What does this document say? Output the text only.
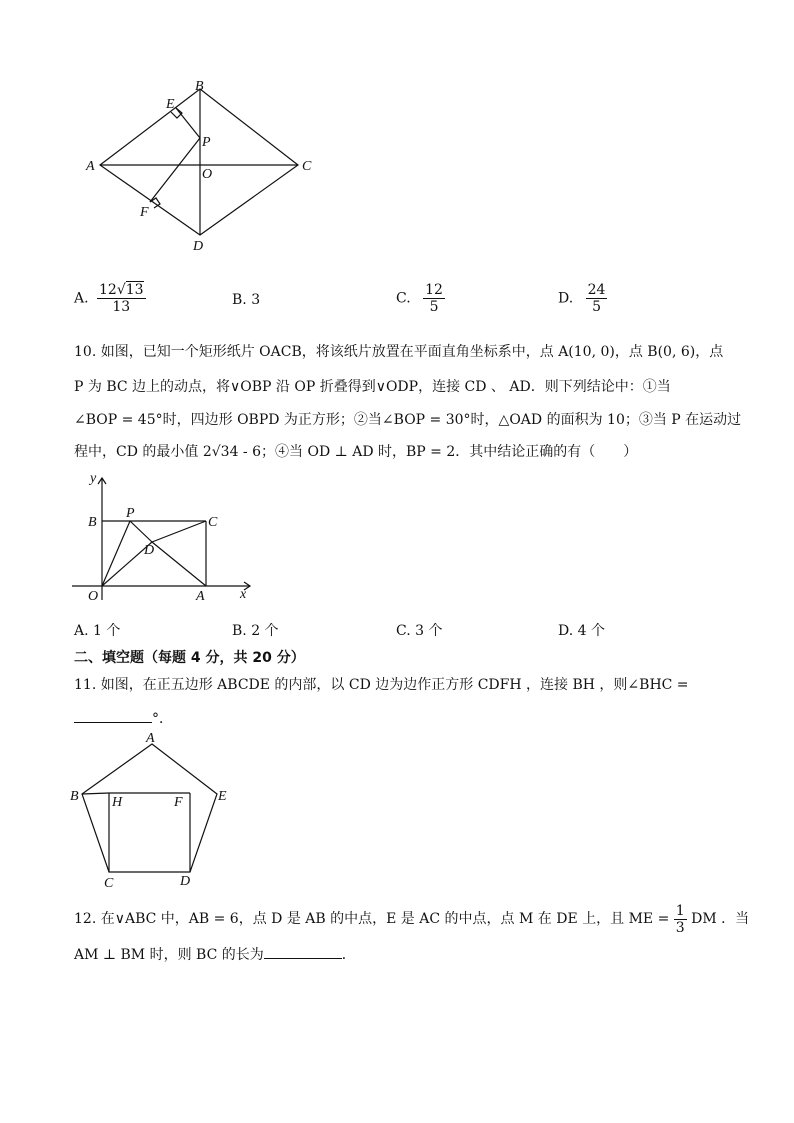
A
B
C
D
E
F
O
P
A. $\frac{12√13}{13}$	B. 3	C. $\frac{12}{5}$	D. $\frac{24}{5}$
10. 如图，已知一个矩形纸片 OACB，将该纸片放置在平面直角坐标系中，点 A(10, 0)，点 B(0, 6)，点
P 为 BC 边上的动点，将∨OBP 沿 OP 折叠得到∨ODP，连接 CD 、 AD．则下列结论中：①当
∠BOP = 45°时，四边形 OBPD 为正方形；②当∠BOP = 30°时，△OAD 的面积为 10；③当 P 在运动过
程中，CD 的最小值 2√34 - 6；④当 OD ⊥ AD 时，BP = 2．其中结论正确的有（　　）
y
x
B
P
C
D
O	A
A. 1 个	B. 2 个	C. 3 个	D. 4 个
二、填空题（每题 4 分，共 20 分）
11. 如图，在正五边形 ABCDE 的内部，以 CD 边为边作正方形 CDFH ，连接 BH ，则∠BHC =
°．
A
B
C	D
E
F
H
12. 在∨ABC 中，AB = 6，点 D 是 AB 的中点，E 是 AC 的中点，点 M 在 DE 上，且 ME = $\frac{1}{3}$ DM ．当
AM ⊥ BM 时，则 BC 的长为	．
